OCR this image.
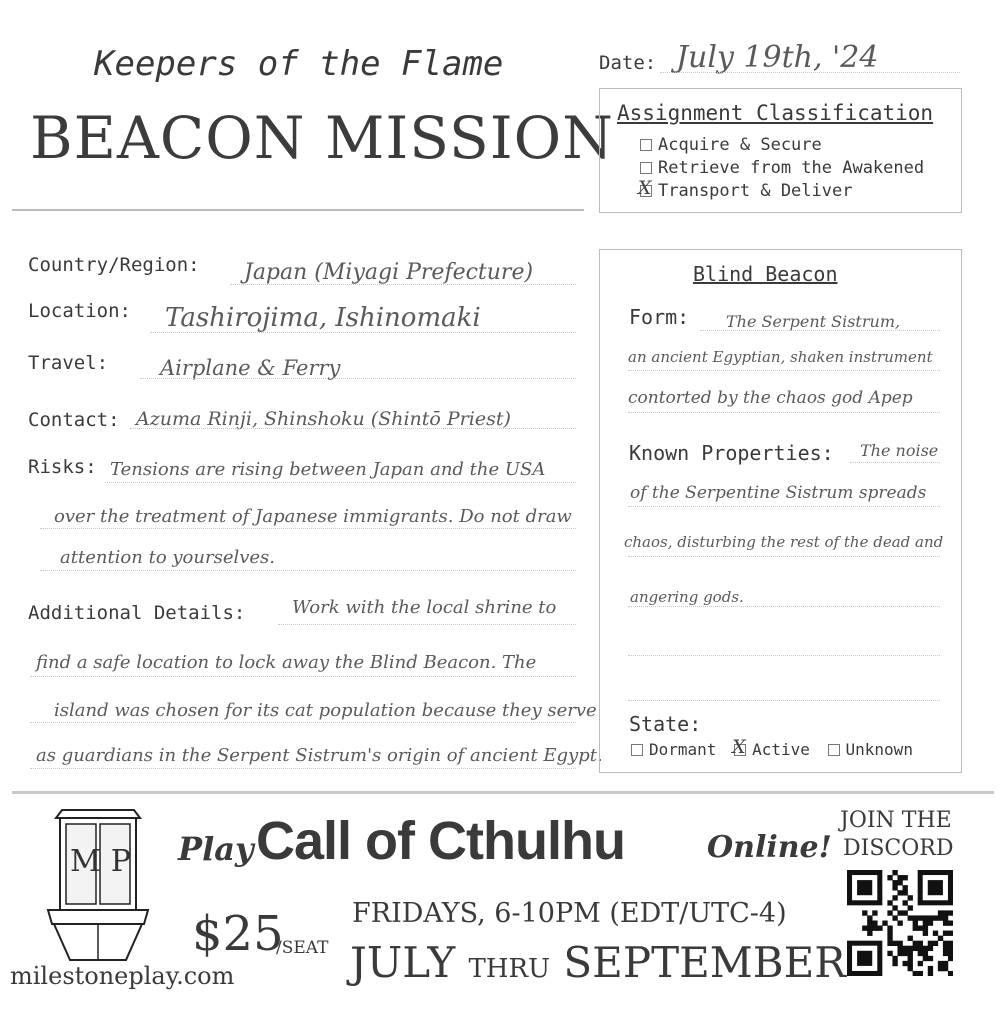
Keepers of the Flame
BEACON MISSION
Date: July 19th, '24
Assignment Classification
Acquire & Secure
Retrieve from the Awakened
XTransport & Deliver
Country/Region: Japan (Miyagi Prefecture)
Location: Tashirojima, Ishinomaki
Travel: Airplane & Ferry
Contact: Azuma Rinji, Shinshoku (Shintō Priest)
Risks: Tensions are rising between Japan and the USA
over the treatment of Japanese immigrants. Do not draw
attention to yourselves.
Additional Details:	Work with the local shrine to
find a safe location to lock away the Blind Beacon. The
island was chosen for its cat population because they serve
as guardians in the Serpent Sistrum's origin of ancient Egypt.
Blind Beacon
Form: The Serpent Sistrum,
an ancient Egyptian, shaken instrument
contorted by the chaos god Apep
Known Properties: The noise
of the Serpentine Sistrum spreads
chaos, disturbing the rest of the dead and
angering gods.
State:
Dormant X Active Unknown
MP Play Call of Cthulhu	Online!
$25
/SEAT
FRIDAYS, 6-10PM (EDT/UTC-4)
JULY THRU SEPTEMBER
milestoneplay.com
JOIN THE
DISCORD
